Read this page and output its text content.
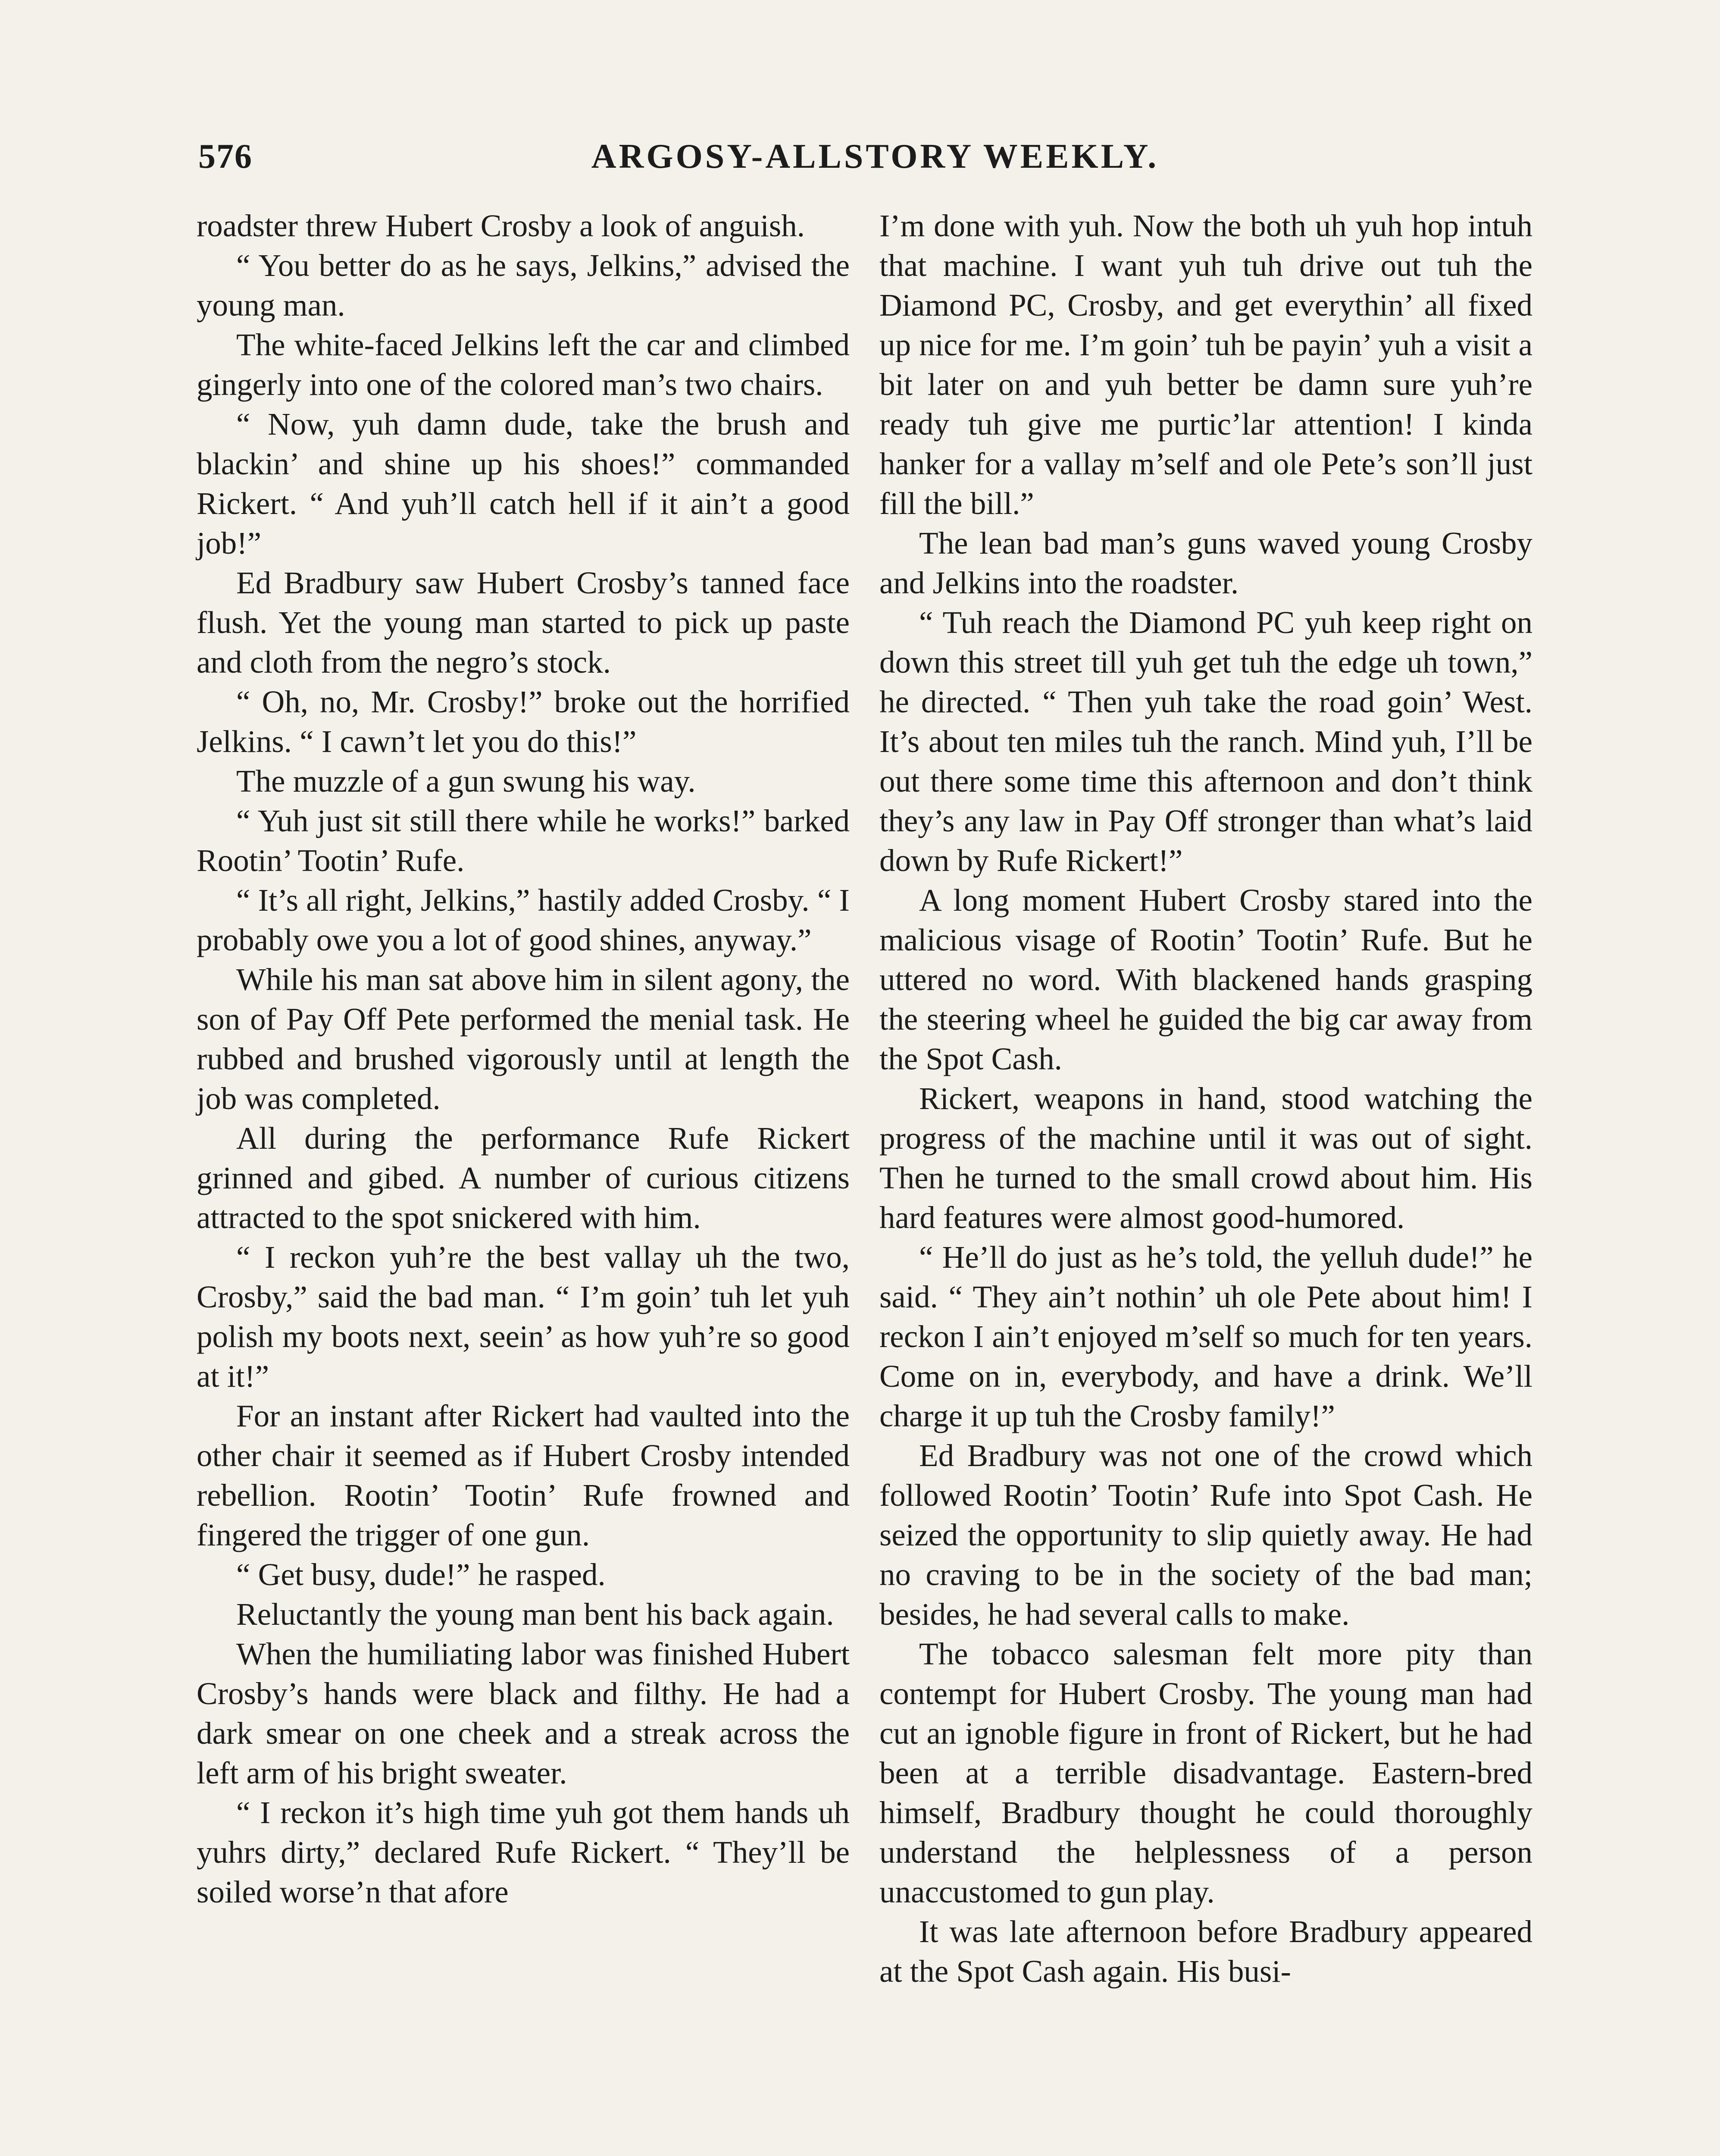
576	ARGOSY-ALLSTORY WEEKLY.

roadster threw Hubert Crosby a look of anguish.

“ You better do as he says, Jelkins,” advised the young man.

The white-faced Jelkins left the car and climbed gingerly into one of the colored man’s two chairs.

“ Now, yuh damn dude, take the brush and blackin’ and shine up his shoes!” commanded Rickert. “ And yuh’ll catch hell if it ain’t a good job!”

Ed Bradbury saw Hubert Crosby’s tanned face flush. Yet the young man started to pick up paste and cloth from the negro’s stock.

“ Oh, no, Mr. Crosby!” broke out the horrified Jelkins. “ I cawn’t let you do this!”

The muzzle of a gun swung his way.

“ Yuh just sit still there while he works!” barked Rootin’ Tootin’ Rufe.

“ It’s all right, Jelkins,” hastily added Crosby. “ I probably owe you a lot of good shines, anyway.”

While his man sat above him in silent agony, the son of Pay Off Pete performed the menial task. He rubbed and brushed vigorously until at length the job was completed.

All during the performance Rufe Rickert grinned and gibed. A number of curious citizens attracted to the spot snickered with him.

“ I reckon yuh’re the best vallay uh the two, Crosby,” said the bad man. “ I’m goin’ tuh let yuh polish my boots next, seein’ as how yuh’re so good at it!”

For an instant after Rickert had vaulted into the other chair it seemed as if Hubert Crosby intended rebellion. Rootin’ Tootin’ Rufe frowned and fingered the trigger of one gun.

“ Get busy, dude!” he rasped.

Reluctantly the young man bent his back again.

When the humiliating labor was finished Hubert Crosby’s hands were black and filthy. He had a dark smear on one cheek and a streak across the left arm of his bright sweater.

“ I reckon it’s high time yuh got them hands uh yuhrs dirty,” declared Rufe Rickert. “ They’ll be soiled worse’n that afore

I’m done with yuh. Now the both uh yuh hop intuh that machine. I want yuh tuh drive out tuh the Diamond PC, Crosby, and get everythin’ all fixed up nice for me. I’m goin’ tuh be payin’ yuh a visit a bit later on and yuh better be damn sure yuh’re ready tuh give me purtic’lar attention! I kinda hanker for a vallay m’self and ole Pete’s son’ll just fill the bill.”

The lean bad man’s guns waved young Crosby and Jelkins into the roadster.

“ Tuh reach the Diamond PC yuh keep right on down this street till yuh get tuh the edge uh town,” he directed. “ Then yuh take the road goin’ West. It’s about ten miles tuh the ranch. Mind yuh, I’ll be out there some time this afternoon and don’t think they’s any law in Pay Off stronger than what’s laid down by Rufe Rickert!”

A long moment Hubert Crosby stared into the malicious visage of Rootin’ Tootin’ Rufe. But he uttered no word. With blackened hands grasping the steering wheel he guided the big car away from the Spot Cash.

Rickert, weapons in hand, stood watching the progress of the machine until it was out of sight. Then he turned to the small crowd about him. His hard features were almost good-humored.

“ He’ll do just as he’s told, the yelluh dude!” he said. “ They ain’t nothin’ uh ole Pete about him! I reckon I ain’t enjoyed m’self so much for ten years. Come on in, everybody, and have a drink. We’ll charge it up tuh the Crosby family!”

Ed Bradbury was not one of the crowd which followed Rootin’ Tootin’ Rufe into Spot Cash. He seized the opportunity to slip quietly away. He had no craving to be in the society of the bad man; besides, he had several calls to make.

The tobacco salesman felt more pity than contempt for Hubert Crosby. The young man had cut an ignoble figure in front of Rickert, but he had been at a terrible disadvantage. Eastern-bred himself, Bradbury thought he could thoroughly understand the helplessness of a person unaccustomed to gun play.

It was late afternoon before Bradbury appeared at the Spot Cash again. His busi-
